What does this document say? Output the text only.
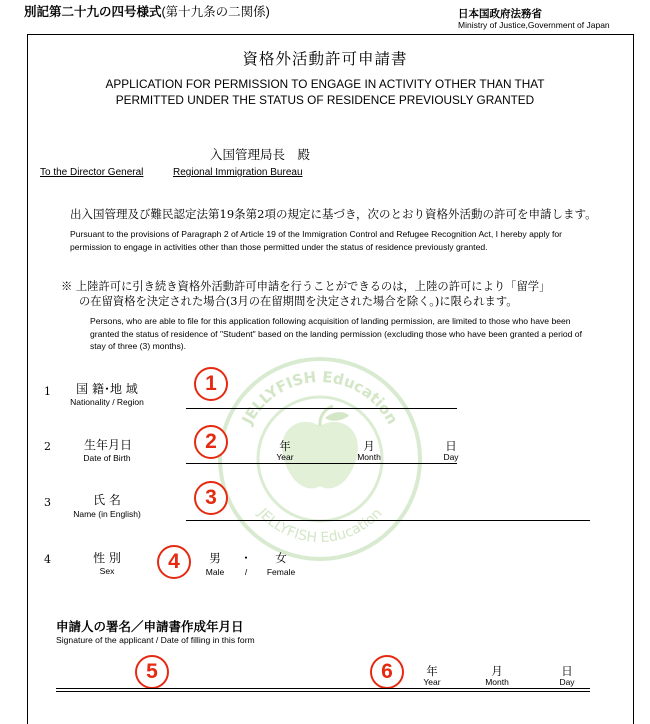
別記第二十九の四号様式(第十九条の二関係)	日本国政府法務省
Ministry of Justice,Government of Japan
JELLYFISH Education
JELLYFISH Education
資格外活動許可申請書
APPLICATION FOR PERMISSION TO ENGAGE IN ACTIVITY OTHER THAN THAT
PERMITTED UNDER THE STATUS OF RESIDENCE PREVIOUSLY GRANTED
入国管理局長　殿
To the Director General	Regional Immigration Bureau
出入国管理及び難民認定法第19条第2項の規定に基づき，次のとおり資格外活動の許可を申請します。
Pursuant to the provisions of Paragraph 2 of Article 19 of the Immigration Control and Refugee Recognition Act, I hereby apply for permission to engage in activities other than those permitted under the status of residence previously granted.
※ 上陸許可に引き続き資格外活動許可申請を行うことができるのは，上陸の許可により「留学」
の在留資格を決定された場合(3月の在留期間を決定された場合を除く。)に限られます。
Persons, who are able to file for this application following acquisition of landing permission, are limited to those who have been granted the status of residence of "Student" based on the landing permission (excluding those who have been granted a period of stay of three (3) months).
1	国 籍･地 域
Nationality / Region
1
2	生年月日
Date of Birth
2	年
Year
月
Month
日
Day
3	氏 名
Name (in English)
3
4	性 別
Sex	4	男	・	女
Male	/	Female
申請人の署名／申請書作成年月日
Signature of the applicant / Date of filling in this form
5	6	年
Year
月
Month
日
Day
